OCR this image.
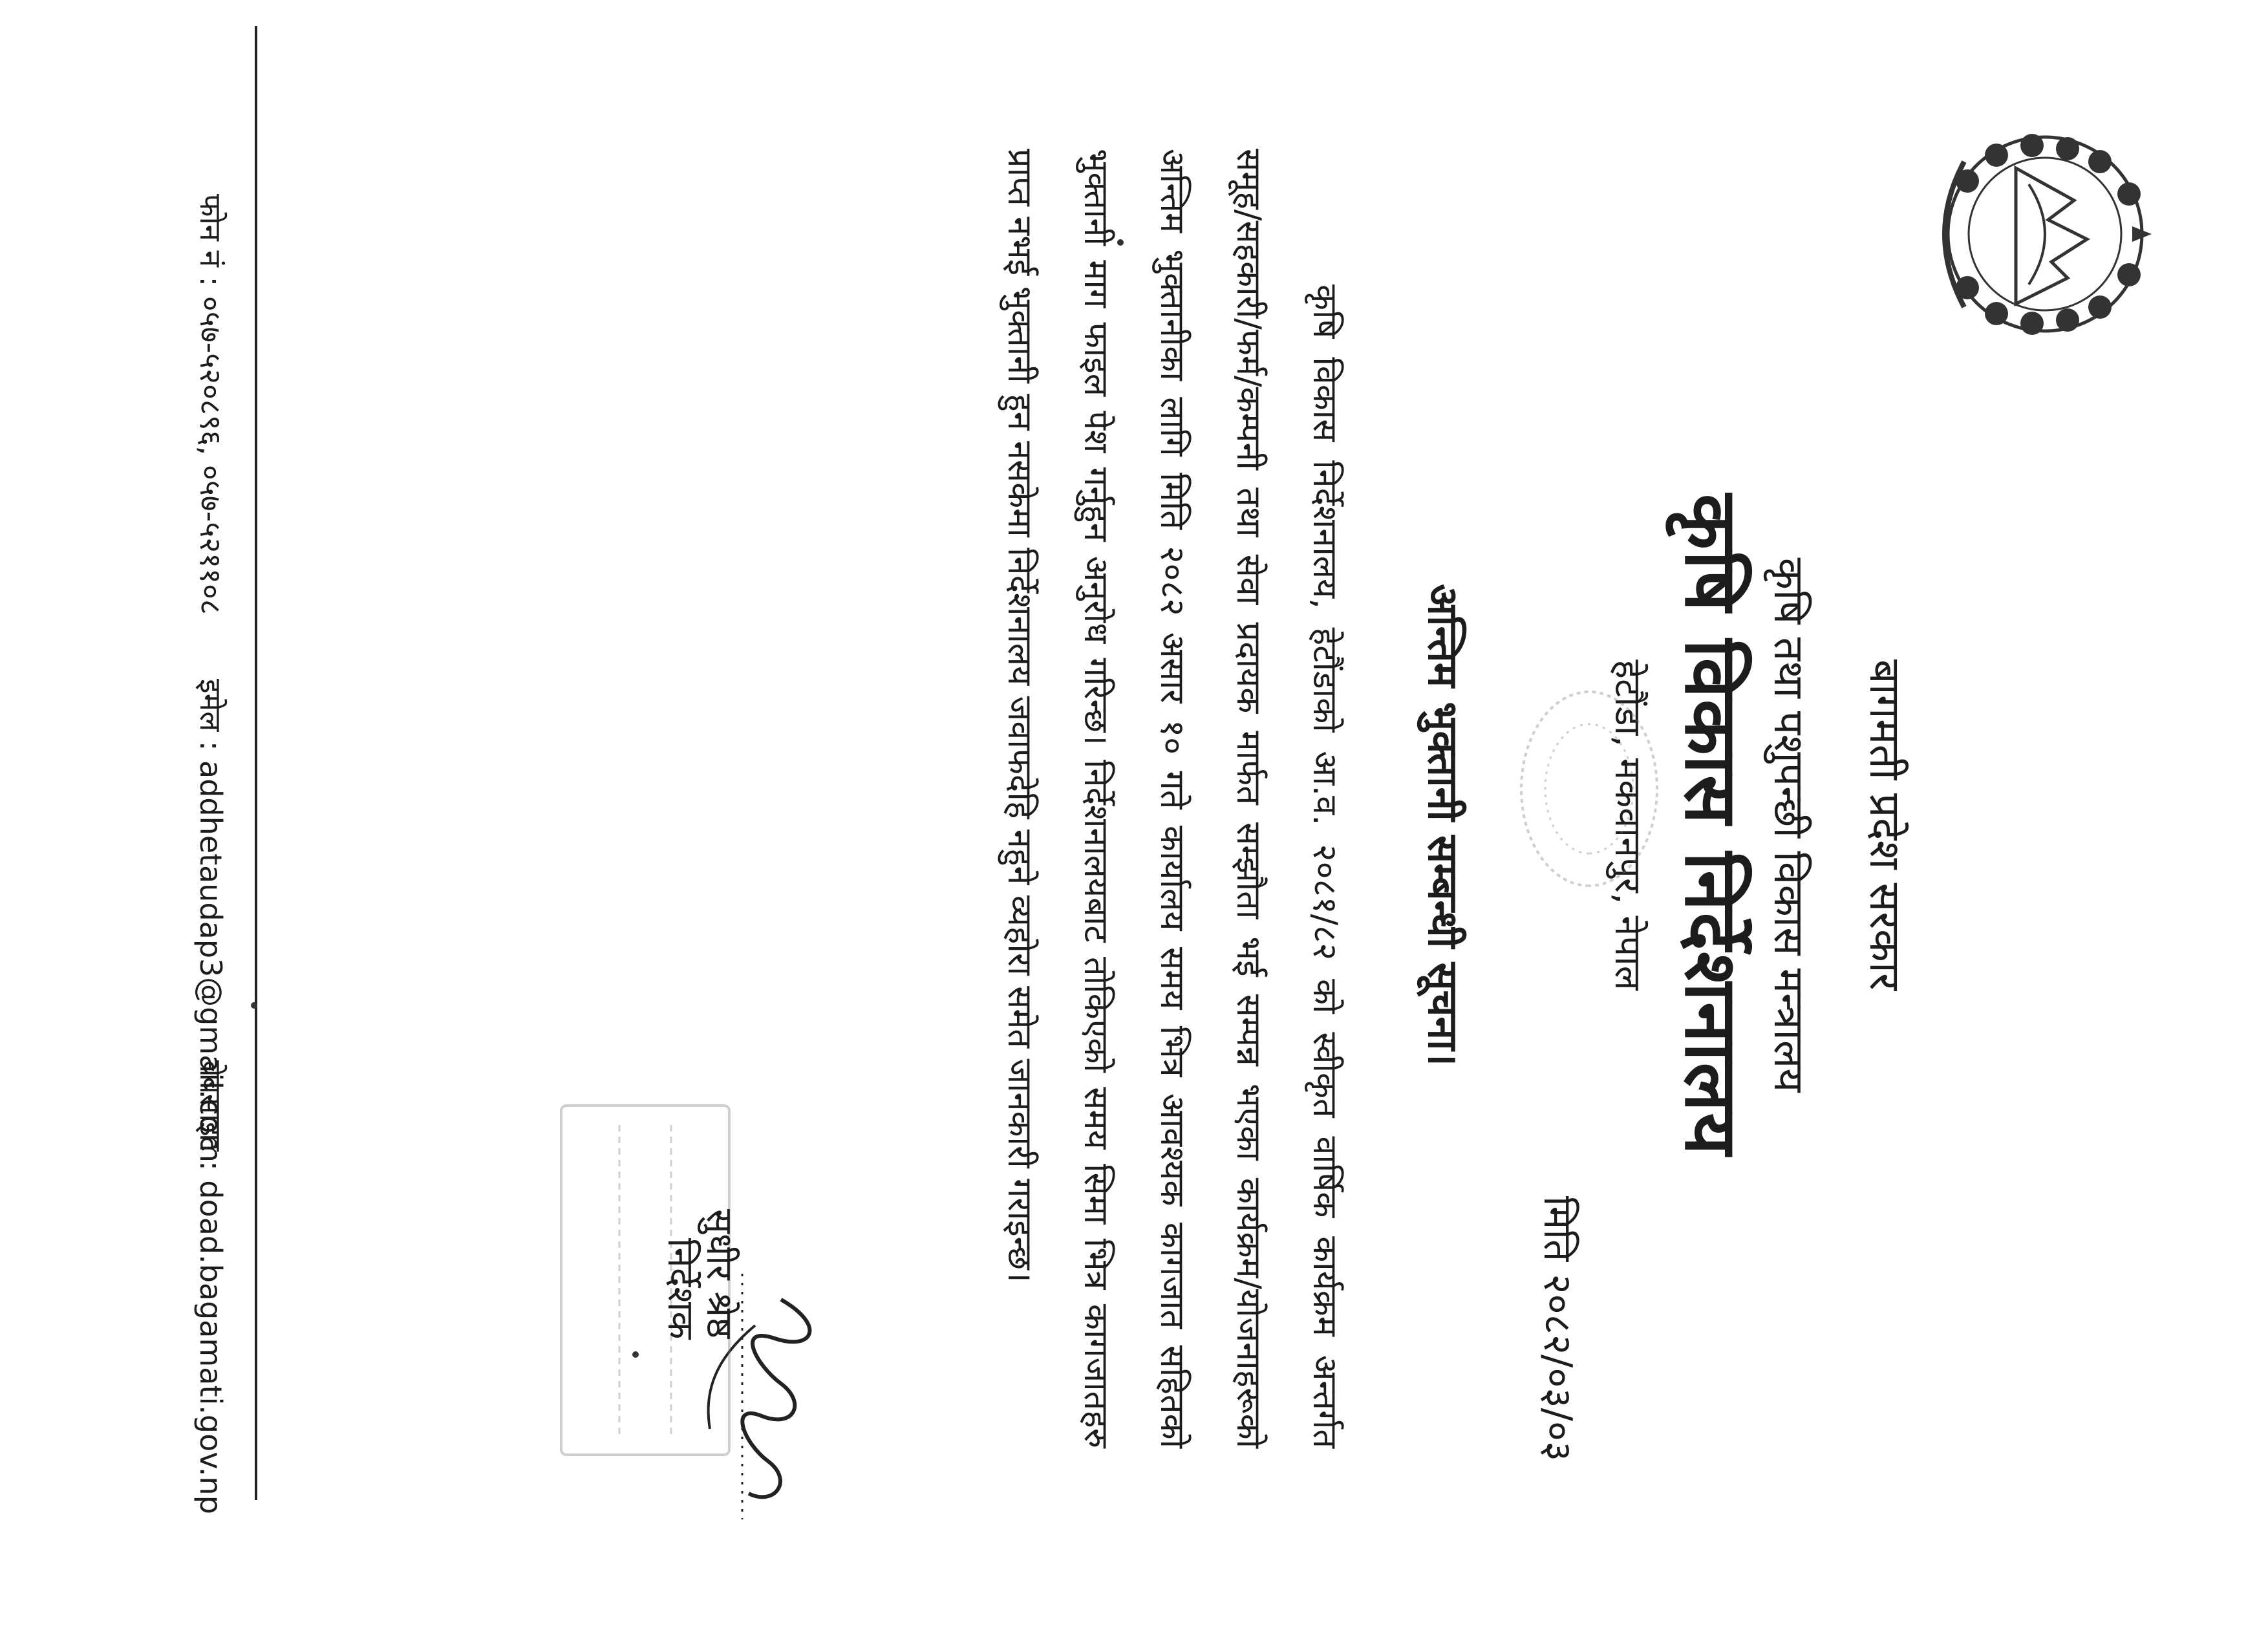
बागमती प्रदेश सरकार
कृषि तथा पशुपन्छी विकास मन्त्रालय
कृषि विकास निर्देशनालय
हेटौंडा, मकवानपुर, नेपाल
मिति २०८२/०३/०३
अन्तिम भुक्तानी सम्बन्धी सूचना।

कृषि विकास निर्देशनालय, हेटौंडाको आ.व. २०८१/८२ को स्वीकृत वार्षिक कार्यक्रम अन्तर्गत समूह/सहकारी/फर्म/कम्पनी तथा सेवा प्रदायक मार्फत सम्झौता भई सम्पन्न भएका कार्यक्रम/योजनाहरूको अन्तिम भुक्तानीका लागि मिति २०८२ असार १० गते कार्यालय समय भित्र आवश्यक कागजात सहितको भुक्तानी माग फाइल पेश गर्नुहुन अनुरोध गरिन्छ। निर्देशनालयबाट तोकिएको समय सिमा भित्र कागजातहरु प्राप्त नभई भुक्तानी हुन नसकेमा निर्देशनालय जवाफदेहि नहुने व्यहोरा समेत जानकारी गराइन्छ।

सुधीर श्रेष्ठ
निर्देशक
फोन नं : ०५७-५२०८९६, ०५७-५२११०८
इमेल : addhetaudap3@gmail.com
वेबसाइट : doad.bagamati.gov.np
